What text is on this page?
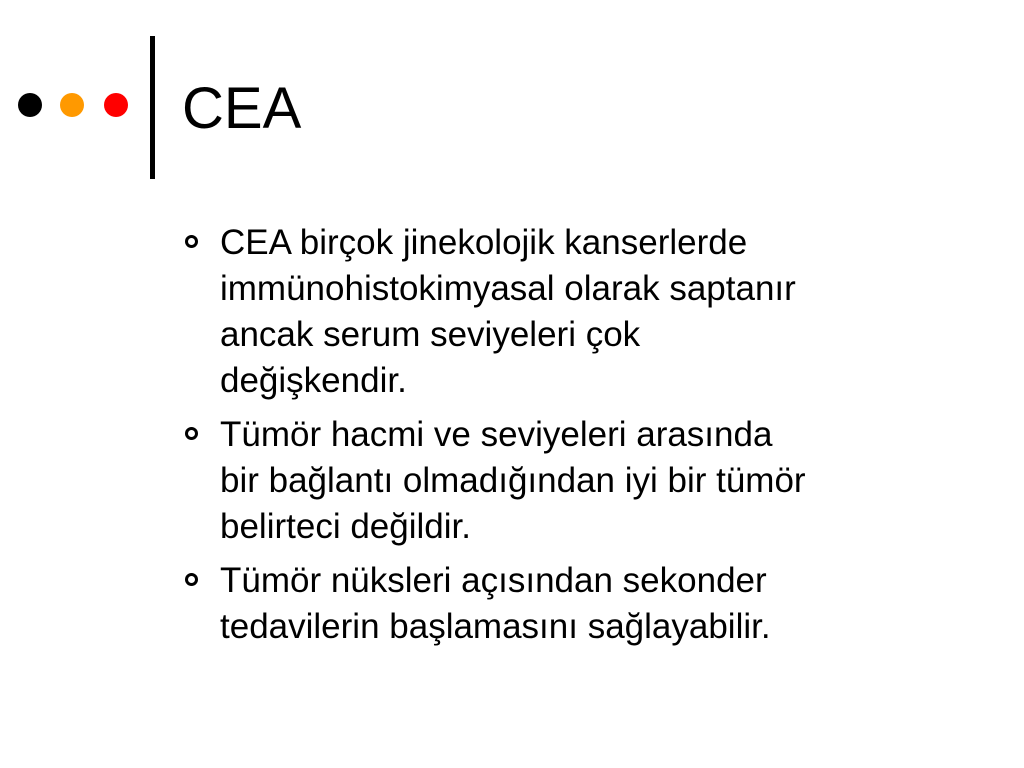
CEA
CEA birçok jinekolojik kanserlerde
immünohistokimyasal olarak saptanır
ancak serum seviyeleri çok
değişkendir.
Tümör hacmi ve seviyeleri arasında
bir bağlantı olmadığından iyi bir tümör
belirteci değildir.
Tümör nüksleri açısından sekonder
tedavilerin başlamasını sağlayabilir.
